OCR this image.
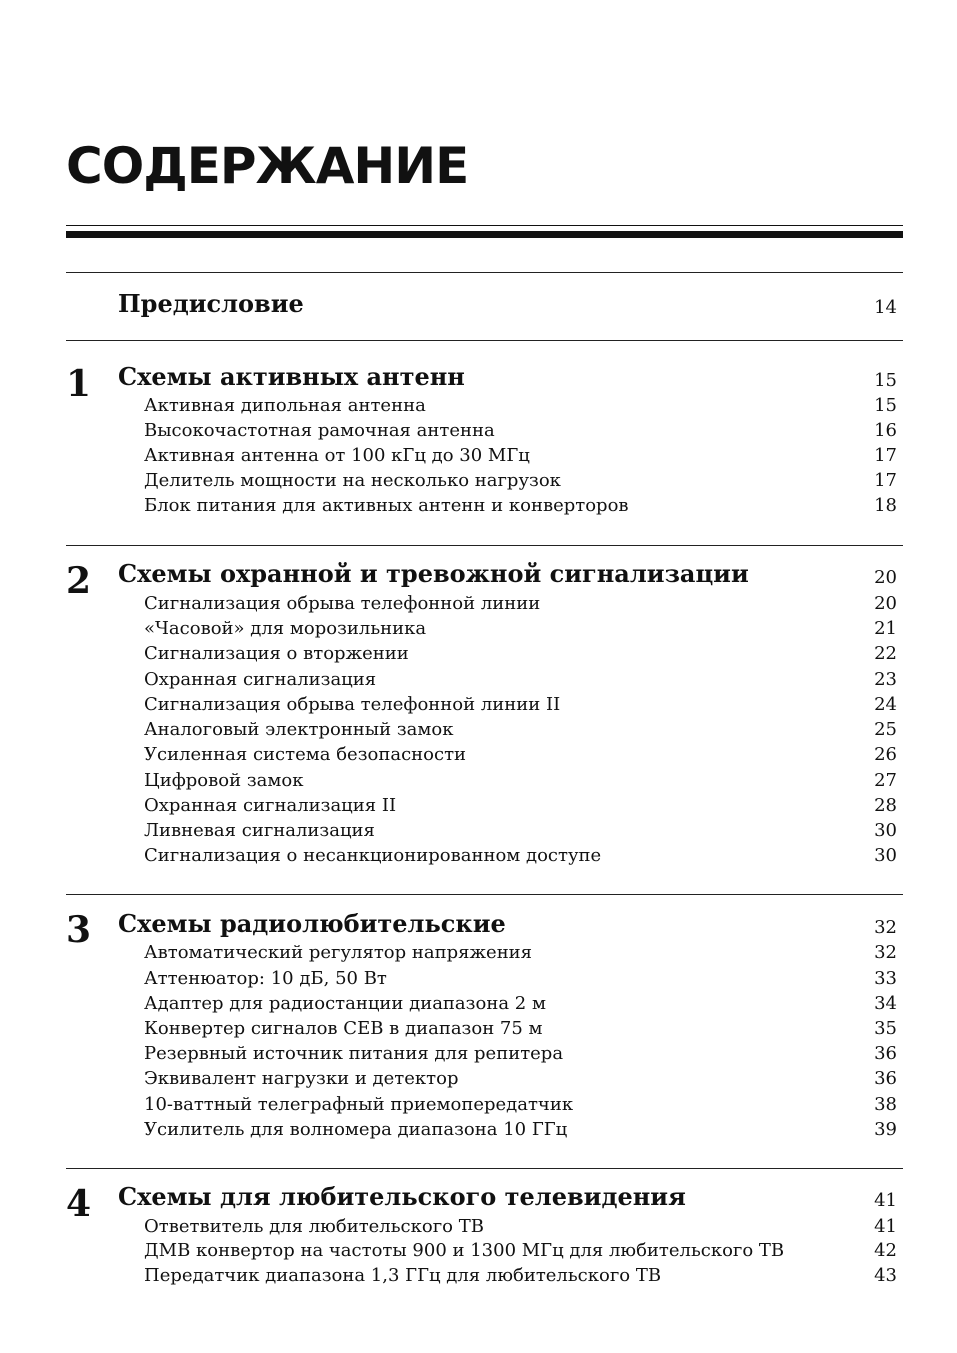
СОДЕРЖАНИЕ
Предисловие	14
1 Схемы активных антенн	15
Активная дипольная антенна	15
Высокочастотная рамочная антенна	16
Активная антенна от 100 кГц до 30 МГц	17
Делитель мощности на несколько нагрузок	17
Блок питания для активных антенн и конверторов	18
2 Схемы охранной и тревожной сигнализации	20
Сигнализация обрыва телефонной линии	20
«Часовой» для морозильника	21
Сигнализация о вторжении	22
Охранная сигнализация	23
Сигнализация обрыва телефонной линии II	24
Аналоговый электронный замок	25
Усиленная система безопасности	26
Цифровой замок	27
Охранная сигнализация II	28
Ливневая сигнализация	30
Сигнализация о несанкционированном доступе	30
3 Схемы радиолюбительские	32
Автоматический регулятор напряжения	32
Аттенюатор: 10 дБ, 50 Вт	33
Адаптер для радиостанции диапазона 2 м	34
Конвертер сигналов СЕВ в диапазон 75 м	35
Резервный источник питания для репитера	36
Эквивалент нагрузки и детектор	36
10-ваттный телеграфный приемопередатчик	38
Усилитель для волномера диапазона 10 ГГц	39
4 Схемы для любительского телевидения	41
Ответвитель для любительского ТВ	41
ДМВ конвертор на частоты 900 и 1300 МГц для любительского ТВ	42
Передатчик диапазона 1,3 ГГц для любительского ТВ	43
